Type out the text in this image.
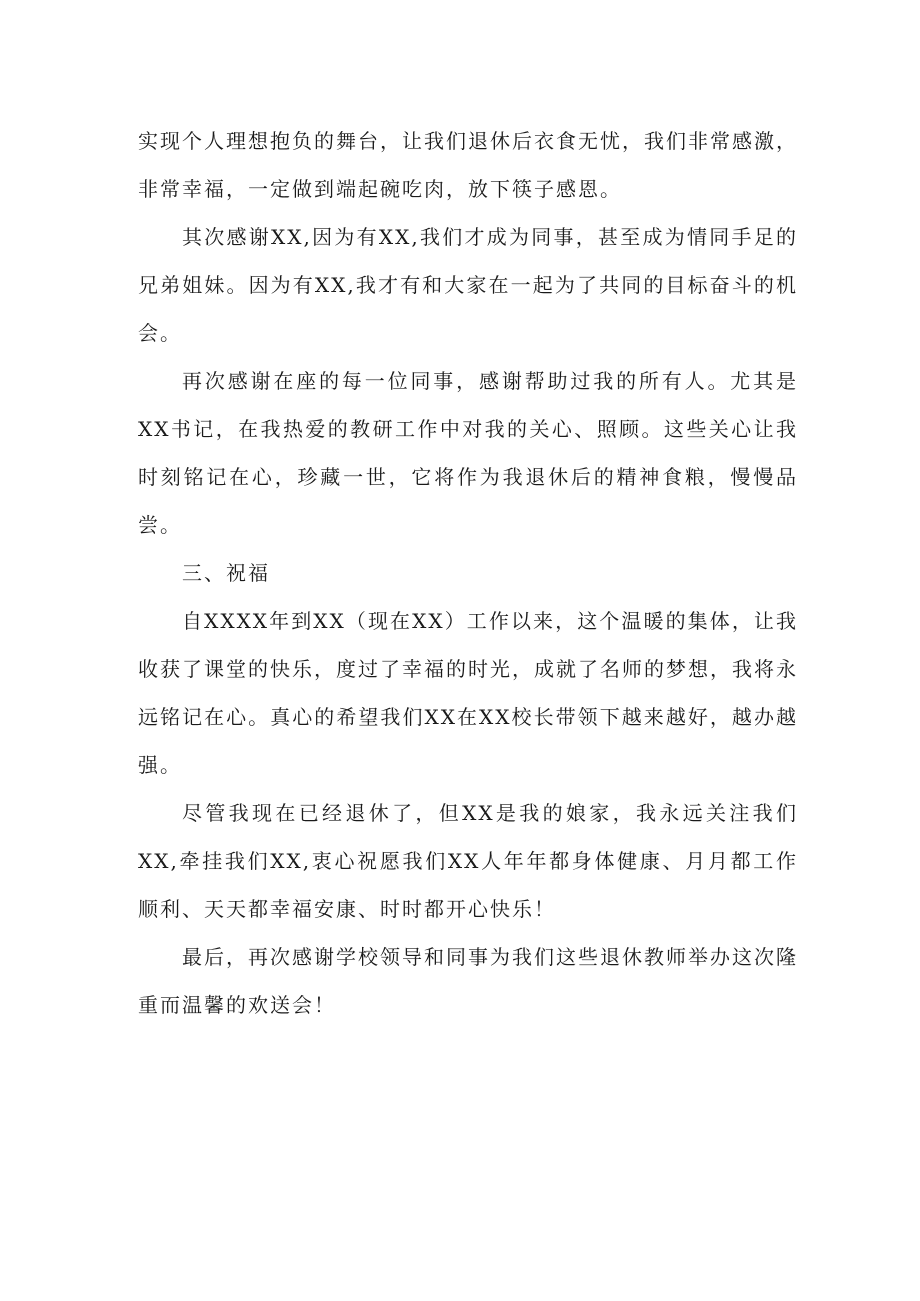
实现个人理想抱负的舞台，让我们退休后衣食无忧，我们非常感激，非常幸福，一定做到端起碗吃肉，放下筷子感恩。

其次感谢XX,因为有XX,我们才成为同事，甚至成为情同手足的兄弟姐妹。因为有XX,我才有和大家在一起为了共同的目标奋斗的机会。

再次感谢在座的每一位同事，感谢帮助过我的所有人。尤其是XX书记，在我热爱的教研工作中对我的关心、照顾。这些关心让我时刻铭记在心，珍藏一世，它将作为我退休后的精神食粮，慢慢品尝。

三、祝福

自XXXX年到XX（现在XX）工作以来，这个温暖的集体，让我收获了课堂的快乐，度过了幸福的时光，成就了名师的梦想，我将永远铭记在心。真心的希望我们XX在XX校长带领下越来越好，越办越强。

尽管我现在已经退休了，但XX是我的娘家，我永远关注我们XX,牵挂我们XX,衷心祝愿我们XX人年年都身体健康、月月都工作顺利、天天都幸福安康、时时都开心快乐！

最后，再次感谢学校领导和同事为我们这些退休教师举办这次隆重而温馨的欢送会！
